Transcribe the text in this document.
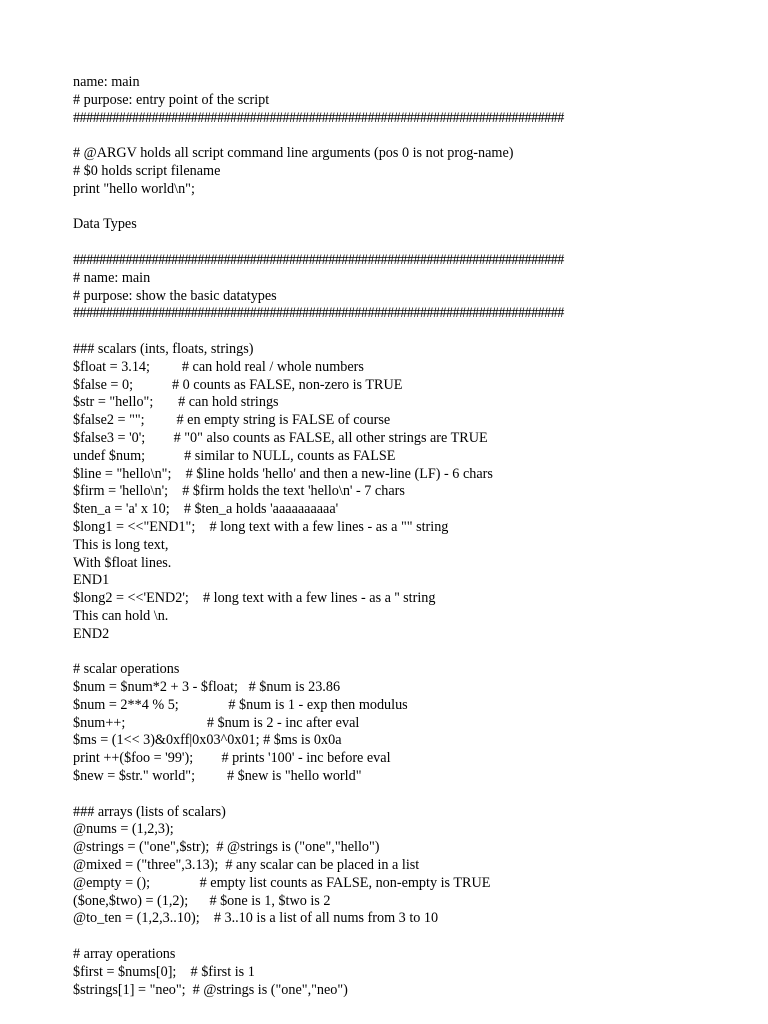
name: main
# purpose: entry point of the script
###########################################################################
# @ARGV holds all script command line arguments (pos 0 is not prog-name)
# $0 holds script filename
print "hello world\n";
Data Types
###########################################################################
# name: main
# purpose: show the basic datatypes
###########################################################################
### scalars (ints, floats, strings)
$float = 3.14;         # can hold real / whole numbers
$false = 0;           # 0 counts as FALSE, non-zero is TRUE
$str = "hello";       # can hold strings
$false2 = "";         # en empty string is FALSE of course
$false3 = '0';        # "0" also counts as FALSE, all other strings are TRUE
undef $num;           # similar to NULL, counts as FALSE
$line = "hello\n";    # $line holds 'hello' and then a new-line (LF) - 6 chars
$firm = 'hello\n';    # $firm holds the text 'hello\n' - 7 chars
$ten_a = 'a' x 10;    # $ten_a holds 'aaaaaaaaaa'
$long1 = <<"END1";    # long text with a few lines - as a "" string
This is long text,
With $float lines.
END1
$long2 = <<'END2';    # long text with a few lines - as a '' string
This can hold \n.
END2
# scalar operations
$num = $num*2 + 3 - $float;   # $num is 23.86
$num = 2**4 % 5;              # $num is 1 - exp then modulus
$num++;                       # $num is 2 - inc after eval
$ms = (1<< 3)&0xff|0x03^0x01; # $ms is 0x0a
print ++($foo = '99');        # prints '100' - inc before eval
$new = $str." world";         # $new is "hello world"
### arrays (lists of scalars)
@nums = (1,2,3);
@strings = ("one",$str);  # @strings is ("one","hello")
@mixed = ("three",3.13);  # any scalar can be placed in a list
@empty = ();              # empty list counts as FALSE, non-empty is TRUE
($one,$two) = (1,2);      # $one is 1, $two is 2
@to_ten = (1,2,3..10);    # 3..10 is a list of all nums from 3 to 10
# array operations
$first = $nums[0];    # $first is 1
$strings[1] = "neo";  # @strings is ("one","neo")
